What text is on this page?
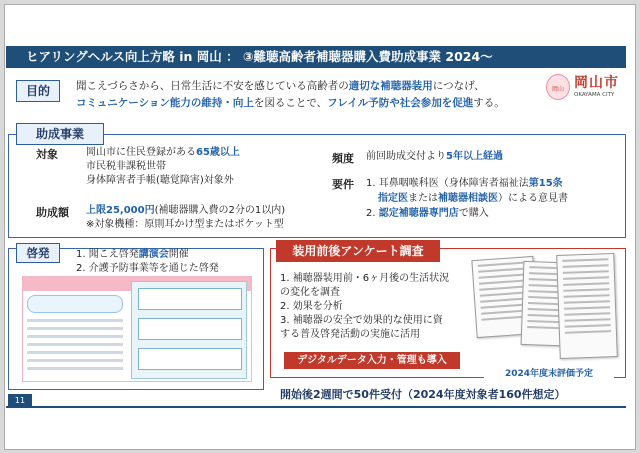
ヒアリングヘルス向上方略 in 岡山 ： ③難聴高齢者補聴器購入費助成事業 2024～
岡山 岡山市
OKAYAMA CITY
目的	聞こえづらさから、日常生活に不安を感じている高齢者の適切な補聴器装用につなげ、
コミュニケーション能力の維持・向上を図ることで、フレイル予防や社会参加を促進する。
助成事業
対象	岡山市に住民登録がある65歳以上
市民税非課税世帯
身体障害者手帳(聴覚障害)対象外
助成額 上限25,000円(補聴器購入費の2分の1以内)
※対象機種：原則耳かけ型またはポケット型
頻度 前回助成交付より5年以上経過
要件 1. 耳鼻咽喉科医（身体障害者福祉法第15条
指定医または補聴器相談医）による意見書
2. 認定補聴器専門店で購入
啓発	1. 聞こえ啓発講演会開催
2. 介護予防事業等を通じた啓発
装用前後アンケート調査
1. 補聴器装用前・6ヶ月後の生活状況
の変化を調査
2. 効果を分析
3. 補聴器の安全で効果的な使用に資
する普及啓発活動の実施に活用
デジタルデータ入力・管理も導入
2024年度末評価予定
開始後2週間で50件受付（2024年度対象者160件想定）
11
